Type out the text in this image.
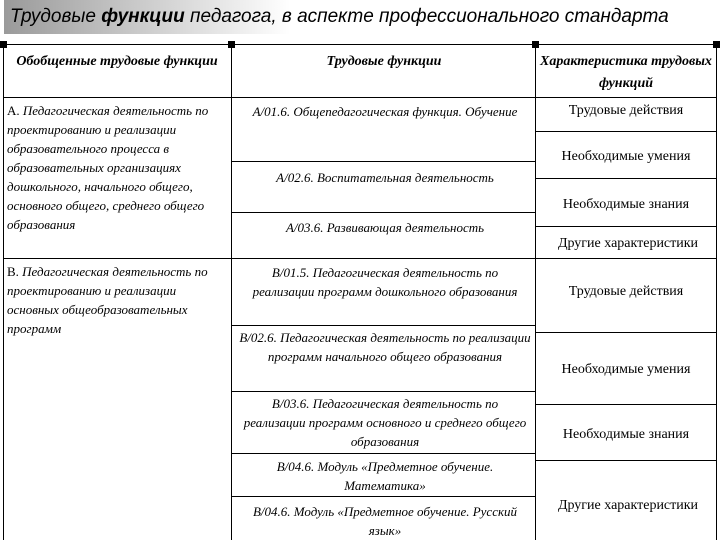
Трудовые функции педагога, в аспекте профессионального стандарта
Обобщенные трудовые функции	Трудовые функции	Характеристика трудовых функций
А. Педагогическая деятельность по проектированию и реализации образовательного процесса в образовательных организациях дошкольного, начального общего, основного общего, среднего общего образования
В. Педагогическая деятельность по проектированию и реализации основных общеобразовательных программ
А/01.6. Общепедагогическая функция. Обучение
А/02.6. Воспитательная деятельность
А/03.6. Развивающая деятельность
В/01.5. Педагогическая деятельность по реализации программ дошкольного образования
В/02.6. Педагогическая деятельность по реализации программ начального общего образования
В/03.6. Педагогическая деятельность по реализации программ основного и среднего общего образования
В/04.6. Модуль «Предметное обучение. Математика»
В/04.6. Модуль «Предметное обучение. Русский язык»
Трудовые действия
Необходимые умения
Необходимые знания
Другие характеристики
Трудовые действия
Необходимые умения
Необходимые знания
Другие характеристики
